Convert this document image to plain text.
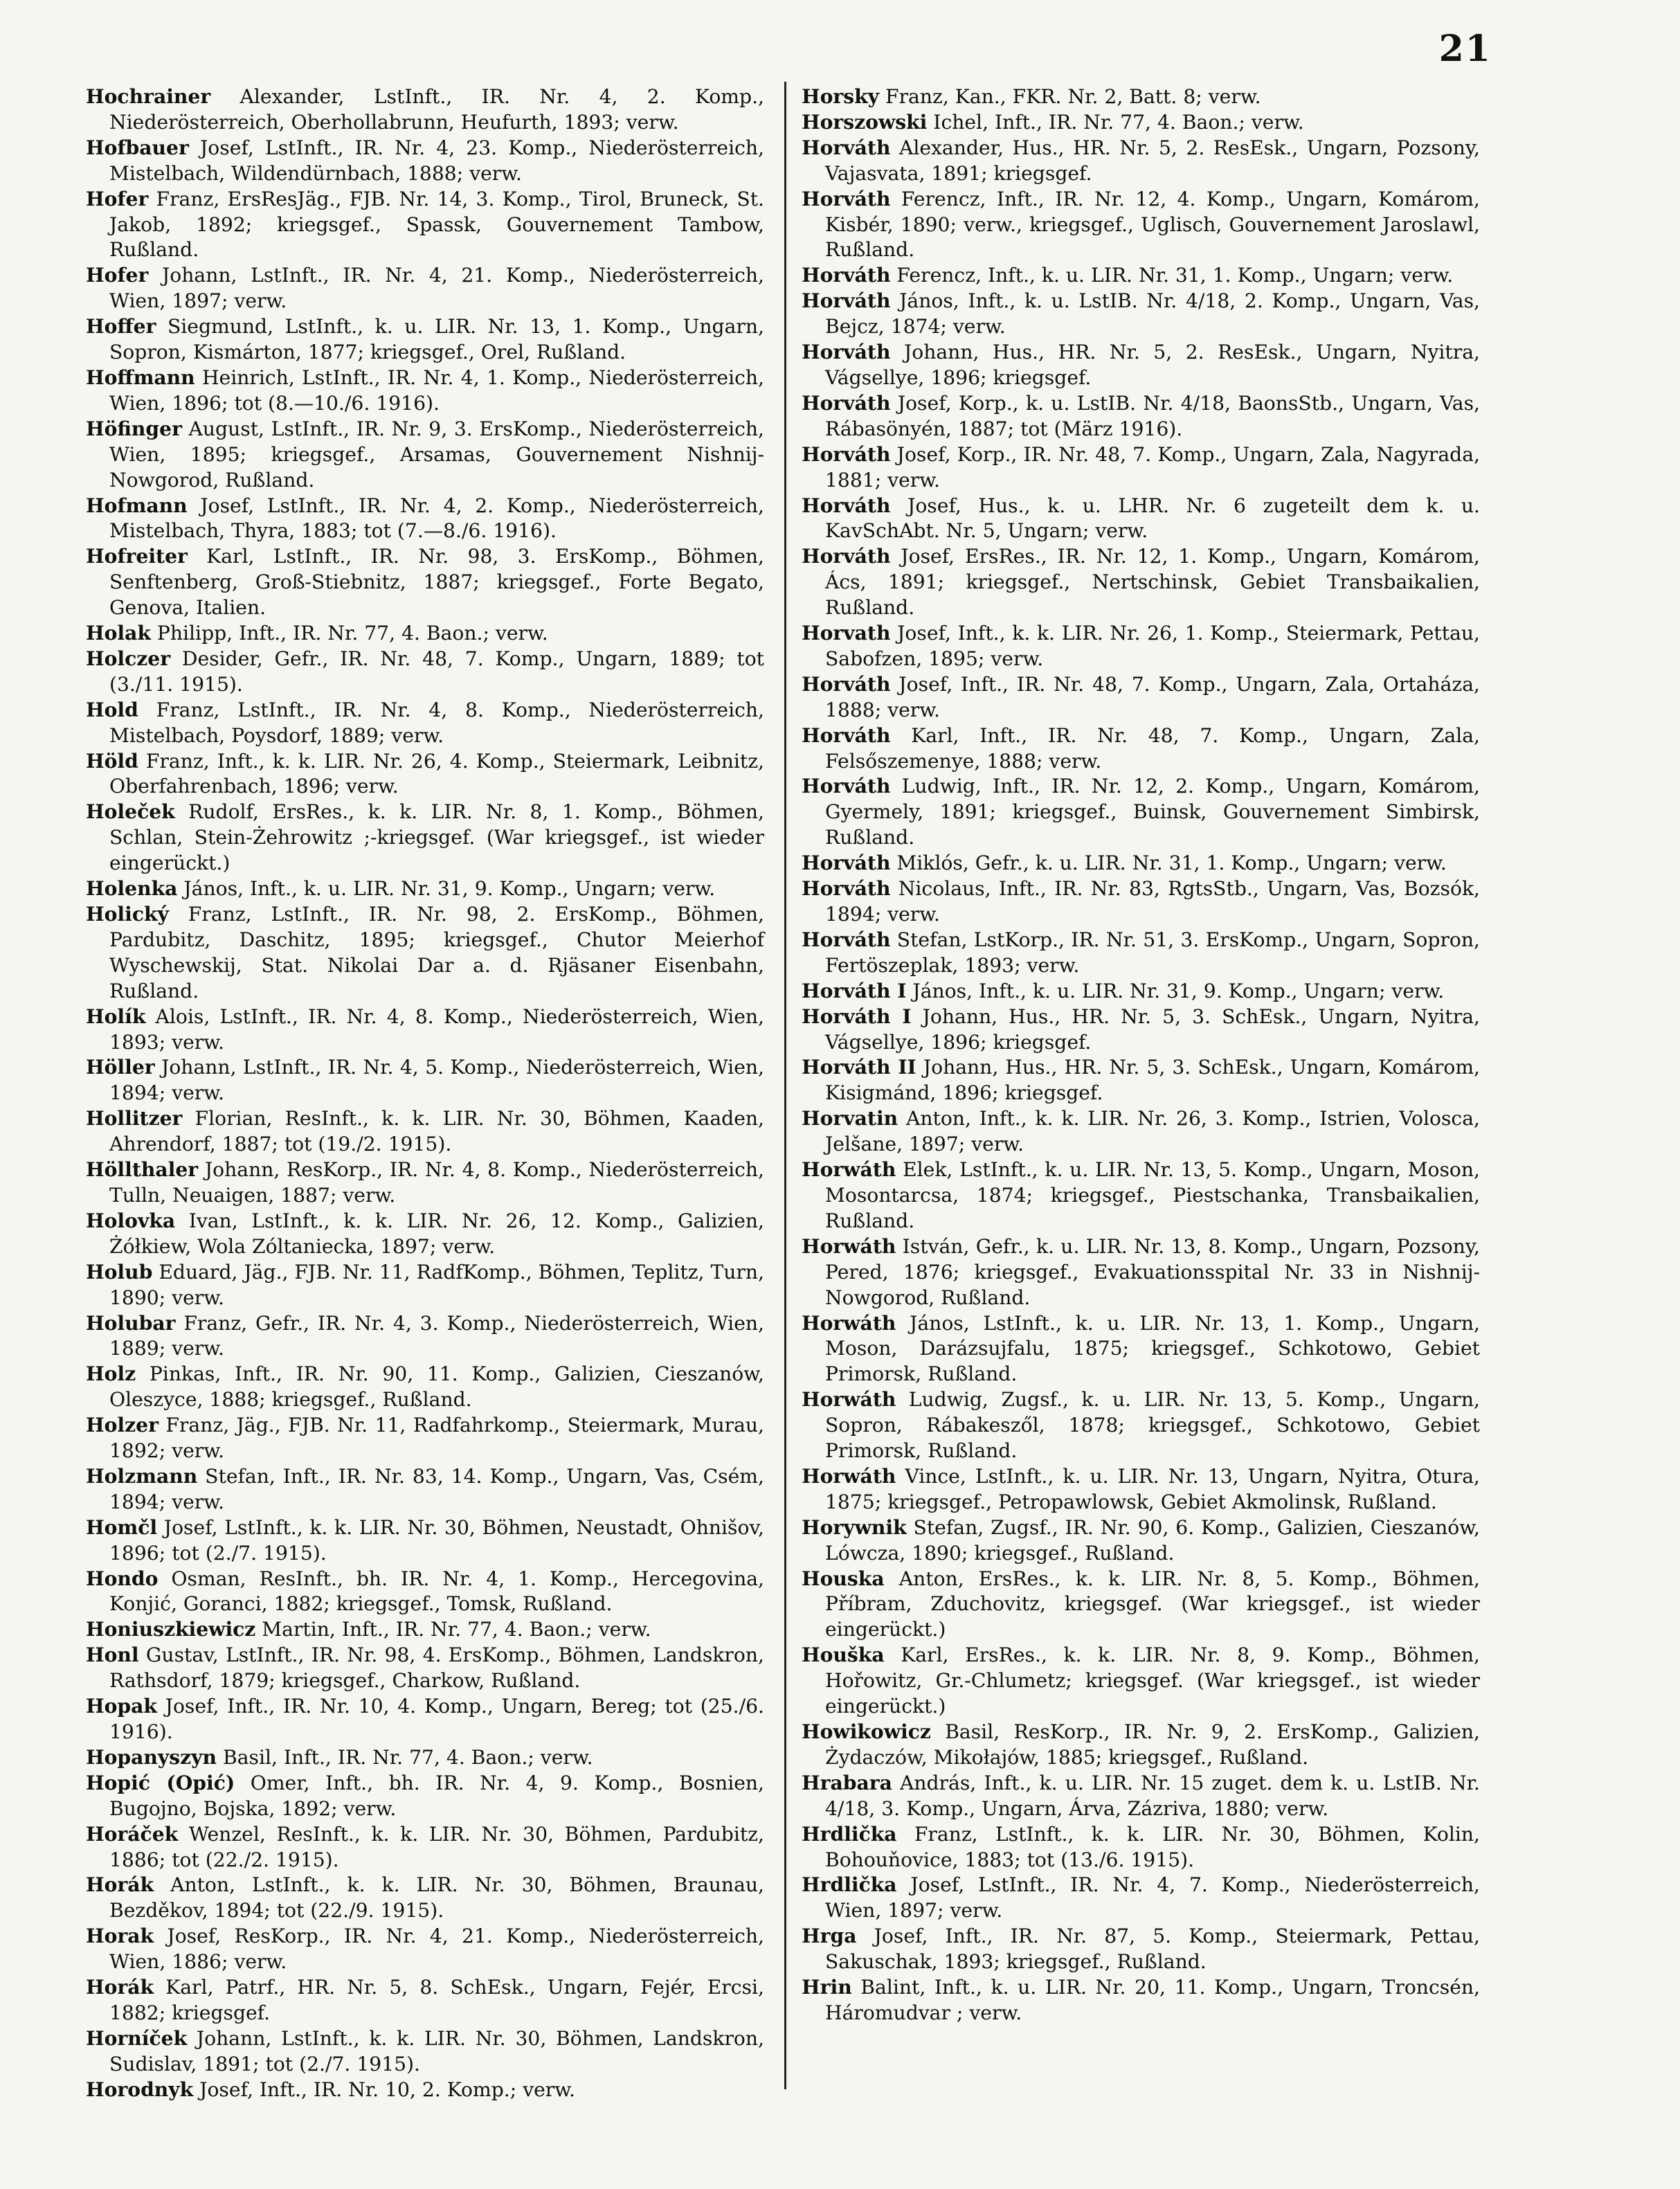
21

Hochrainer Alexander, LstInft., IR. Nr. 4, 2. Komp., Niederösterreich, Oberhollabrunn, Heufurth, 1893; verw.

Hofbauer Josef, LstInft., IR. Nr. 4, 23. Komp., Niederösterreich, Mistelbach, Wildendürnbach, 1888; verw.

Hofer Franz, ErsResJäg., FJB. Nr. 14, 3. Komp., Tirol, Bruneck, St. Jakob, 1892; kriegsgef., Spassk, Gouvernement Tambow, Rußland.

Hofer Johann, LstInft., IR. Nr. 4, 21. Komp., Niederösterreich, Wien, 1897; verw.

Hoffer Siegmund, LstInft., k. u. LIR. Nr. 13, 1. Komp., Ungarn, Sopron, Kismárton, 1877; kriegsgef., Orel, Rußland.

Hoffmann Heinrich, LstInft., IR. Nr. 4, 1. Komp., Niederösterreich, Wien, 1896; tot (8.—10./6. 1916).

Höfinger August, LstInft., IR. Nr. 9, 3. ErsKomp., Niederösterreich, Wien, 1895; kriegsgef., Arsamas, Gouvernement Nishnij-Nowgorod, Rußland.

Hofmann Josef, LstInft., IR. Nr. 4, 2. Komp., Niederösterreich, Mistelbach, Thyra, 1883; tot (7.—8./6. 1916).

Hofreiter Karl, LstInft., IR. Nr. 98, 3. ErsKomp., Böhmen, Senftenberg, Groß-Stiebnitz, 1887; kriegsgef., Forte Begato, Genova, Italien.

Holak Philipp, Inft., IR. Nr. 77, 4. Baon.; verw.

Holczer Desider, Gefr., IR. Nr. 48, 7. Komp., Ungarn, 1889; tot (3./11. 1915).

Hold Franz, LstInft., IR. Nr. 4, 8. Komp., Niederösterreich, Mistelbach, Poysdorf, 1889; verw.

Höld Franz, Inft., k. k. LIR. Nr. 26, 4. Komp., Steiermark, Leibnitz, Oberfahrenbach, 1896; verw.

Holeček Rudolf, ErsRes., k. k. LIR. Nr. 8, 1. Komp., Böhmen, Schlan, Stein-Żehrowitz ;-kriegsgef. (War kriegsgef., ist wieder eingerückt.)

Holenka János, Inft., k. u. LIR. Nr. 31, 9. Komp., Ungarn; verw.

Holický Franz, LstInft., IR. Nr. 98, 2. ErsKomp., Böhmen, Pardubitz, Daschitz, 1895; kriegsgef., Chutor Meierhof Wyschewskij, Stat. Nikolai Dar a. d. Rjäsaner Eisenbahn, Rußland.

Holík Alois, LstInft., IR. Nr. 4, 8. Komp., Niederösterreich, Wien, 1893; verw.

Höller Johann, LstInft., IR. Nr. 4, 5. Komp., Niederösterreich, Wien, 1894; verw.

Hollitzer Florian, ResInft., k. k. LIR. Nr. 30, Böhmen, Kaaden, Ahrendorf, 1887; tot (19./2. 1915).

Höllthaler Johann, ResKorp., IR. Nr. 4, 8. Komp., Niederösterreich, Tulln, Neuaigen, 1887; verw.

Holovka Ivan, LstInft., k. k. LIR. Nr. 26, 12. Komp., Galizien, Żółkiew, Wola Zóltaniecka, 1897; verw.

Holub Eduard, Jäg., FJB. Nr. 11, RadfKomp., Böhmen, Teplitz, Turn, 1890; verw.

Holubar Franz, Gefr., IR. Nr. 4, 3. Komp., Niederösterreich, Wien, 1889; verw.

Holz Pinkas, Inft., IR. Nr. 90, 11. Komp., Galizien, Cieszanów, Oleszyce, 1888; kriegsgef., Rußland.

Holzer Franz, Jäg., FJB. Nr. 11, Radfahrkomp., Steiermark, Murau, 1892; verw.

Holzmann Stefan, Inft., IR. Nr. 83, 14. Komp., Ungarn, Vas, Csém, 1894; verw.

Homčl Josef, LstInft., k. k. LIR. Nr. 30, Böhmen, Neustadt, Ohnišov, 1896; tot (2./7. 1915).

Hondo Osman, ResInft., bh. IR. Nr. 4, 1. Komp., Hercegovina, Konjić, Goranci, 1882; kriegsgef., Tomsk, Rußland.

Honiuszkiewicz Martin, Inft., IR. Nr. 77, 4. Baon.; verw.

Honl Gustav, LstInft., IR. Nr. 98, 4. ErsKomp., Böhmen, Landskron, Rathsdorf, 1879; kriegsgef., Charkow, Rußland.

Hopak Josef, Inft., IR. Nr. 10, 4. Komp., Ungarn, Bereg; tot (25./6. 1916).

Hopanyszyn Basil, Inft., IR. Nr. 77, 4. Baon.; verw.

Hopić (Opić) Omer, Inft., bh. IR. Nr. 4, 9. Komp., Bosnien, Bugojno, Bojska, 1892; verw.

Horáček Wenzel, ResInft., k. k. LIR. Nr. 30, Böhmen, Pardubitz, 1886; tot (22./2. 1915).

Horák Anton, LstInft., k. k. LIR. Nr. 30, Böhmen, Braunau, Bezděkov, 1894; tot (22./9. 1915).

Horak Josef, ResKorp., IR. Nr. 4, 21. Komp., Niederösterreich, Wien, 1886; verw.

Horák Karl, Patrf., HR. Nr. 5, 8. SchEsk., Ungarn, Fejér, Ercsi, 1882; kriegsgef.

Horníček Johann, LstInft., k. k. LIR. Nr. 30, Böhmen, Landskron, Sudislav, 1891; tot (2./7. 1915).

Horodnyk Josef, Inft., IR. Nr. 10, 2. Komp.; verw.

Horsky Franz, Kan., FKR. Nr. 2, Batt. 8; verw.

Horszowski Ichel, Inft., IR. Nr. 77, 4. Baon.; verw.

Horváth Alexander, Hus., HR. Nr. 5, 2. ResEsk., Ungarn, Pozsony, Vajasvata, 1891; kriegsgef.

Horváth Ferencz, Inft., IR. Nr. 12, 4. Komp., Ungarn, Komárom, Kisbér, 1890; verw., kriegsgef., Uglisch, Gouvernement Jaroslawl, Rußland.

Horváth Ferencz, Inft., k. u. LIR. Nr. 31, 1. Komp., Ungarn; verw.

Horváth János, Inft., k. u. LstIB. Nr. 4/18, 2. Komp., Ungarn, Vas, Bejcz, 1874; verw.

Horváth Johann, Hus., HR. Nr. 5, 2. ResEsk., Ungarn, Nyitra, Vágsellye, 1896; kriegsgef.

Horváth Josef, Korp., k. u. LstIB. Nr. 4/18, BaonsStb., Ungarn, Vas, Rábasönyén, 1887; tot (März 1916).

Horváth Josef, Korp., IR. Nr. 48, 7. Komp., Ungarn, Zala, Nagyrada, 1881; verw.

Horváth Josef, Hus., k. u. LHR. Nr. 6 zugeteilt dem k. u. KavSchAbt. Nr. 5, Ungarn; verw.

Horváth Josef, ErsRes., IR. Nr. 12, 1. Komp., Ungarn, Komárom, Ács, 1891; kriegsgef., Nertschinsk, Gebiet Transbaikalien, Rußland.

Horvath Josef, Inft., k. k. LIR. Nr. 26, 1. Komp., Steiermark, Pettau, Sabofzen, 1895; verw.

Horváth Josef, Inft., IR. Nr. 48, 7. Komp., Ungarn, Zala, Ortaháza, 1888; verw.

Horváth Karl, Inft., IR. Nr. 48, 7. Komp., Ungarn, Zala, Felsőszemenye, 1888; verw.

Horváth Ludwig, Inft., IR. Nr. 12, 2. Komp., Ungarn, Komárom, Gyermely, 1891; kriegsgef., Buinsk, Gouvernement Simbirsk, Rußland.

Horváth Miklós, Gefr., k. u. LIR. Nr. 31, 1. Komp., Ungarn; verw.

Horváth Nicolaus, Inft., IR. Nr. 83, RgtsStb., Ungarn, Vas, Bozsók, 1894; verw.

Horváth Stefan, LstKorp., IR. Nr. 51, 3. ErsKomp., Ungarn, Sopron, Fertöszeplak, 1893; verw.

Horváth I János, Inft., k. u. LIR. Nr. 31, 9. Komp., Ungarn; verw.

Horváth I Johann, Hus., HR. Nr. 5, 3. SchEsk., Ungarn, Nyitra, Vágsellye, 1896; kriegsgef.

Horváth II Johann, Hus., HR. Nr. 5, 3. SchEsk., Ungarn, Komárom, Kisigmánd, 1896; kriegsgef.

Horvatin Anton, Inft., k. k. LIR. Nr. 26, 3. Komp., Istrien, Volosca, Jelšane, 1897; verw.

Horwáth Elek, LstInft., k. u. LIR. Nr. 13, 5. Komp., Ungarn, Moson, Mosontarcsa, 1874; kriegsgef., Piestschanka, Transbaikalien, Rußland.

Horwáth István, Gefr., k. u. LIR. Nr. 13, 8. Komp., Ungarn, Pozsony, Pered, 1876; kriegsgef., Evakuationsspital Nr. 33 in Nishnij-Nowgorod, Rußland.

Horwáth János, LstInft., k. u. LIR. Nr. 13, 1. Komp., Ungarn, Moson, Darázsujfalu, 1875; kriegsgef., Schkotowo, Gebiet Primorsk, Rußland.

Horwáth Ludwig, Zugsf., k. u. LIR. Nr. 13, 5. Komp., Ungarn, Sopron, Rábakeszől, 1878; kriegsgef., Schkotowo, Gebiet Primorsk, Rußland.

Horwáth Vince, LstInft., k. u. LIR. Nr. 13, Ungarn, Nyitra, Otura, 1875; kriegsgef., Petropawlowsk, Gebiet Akmolinsk, Rußland.

Horywnik Stefan, Zugsf., IR. Nr. 90, 6. Komp., Galizien, Cieszanów, Lówcza, 1890; kriegsgef., Rußland.

Houska Anton, ErsRes., k. k. LIR. Nr. 8, 5. Komp., Böhmen, Příbram, Zduchovitz, kriegsgef. (War kriegsgef., ist wieder eingerückt.)

Houška Karl, ErsRes., k. k. LIR. Nr. 8, 9. Komp., Böhmen, Hořowitz, Gr.-Chlumetz; kriegsgef. (War kriegsgef., ist wieder eingerückt.)

Howikowicz Basil, ResKorp., IR. Nr. 9, 2. ErsKomp., Galizien, Żydaczów, Mikołajów, 1885; kriegsgef., Rußland.

Hrabara András, Inft., k. u. LIR. Nr. 15 zuget. dem k. u. LstIB. Nr. 4/18, 3. Komp., Ungarn, Árva, Zázriva, 1880; verw.

Hrdlička Franz, LstInft., k. k. LIR. Nr. 30, Böhmen, Kolin, Bohouňovice, 1883; tot (13./6. 1915).

Hrdlička Josef, LstInft., IR. Nr. 4, 7. Komp., Niederösterreich, Wien, 1897; verw.

Hrga Josef, Inft., IR. Nr. 87, 5. Komp., Steiermark, Pettau, Sakuschak, 1893; kriegsgef., Rußland.

Hrin Balint, Inft., k. u. LIR. Nr. 20, 11. Komp., Ungarn, Troncsén, Háromudvar ; verw.
